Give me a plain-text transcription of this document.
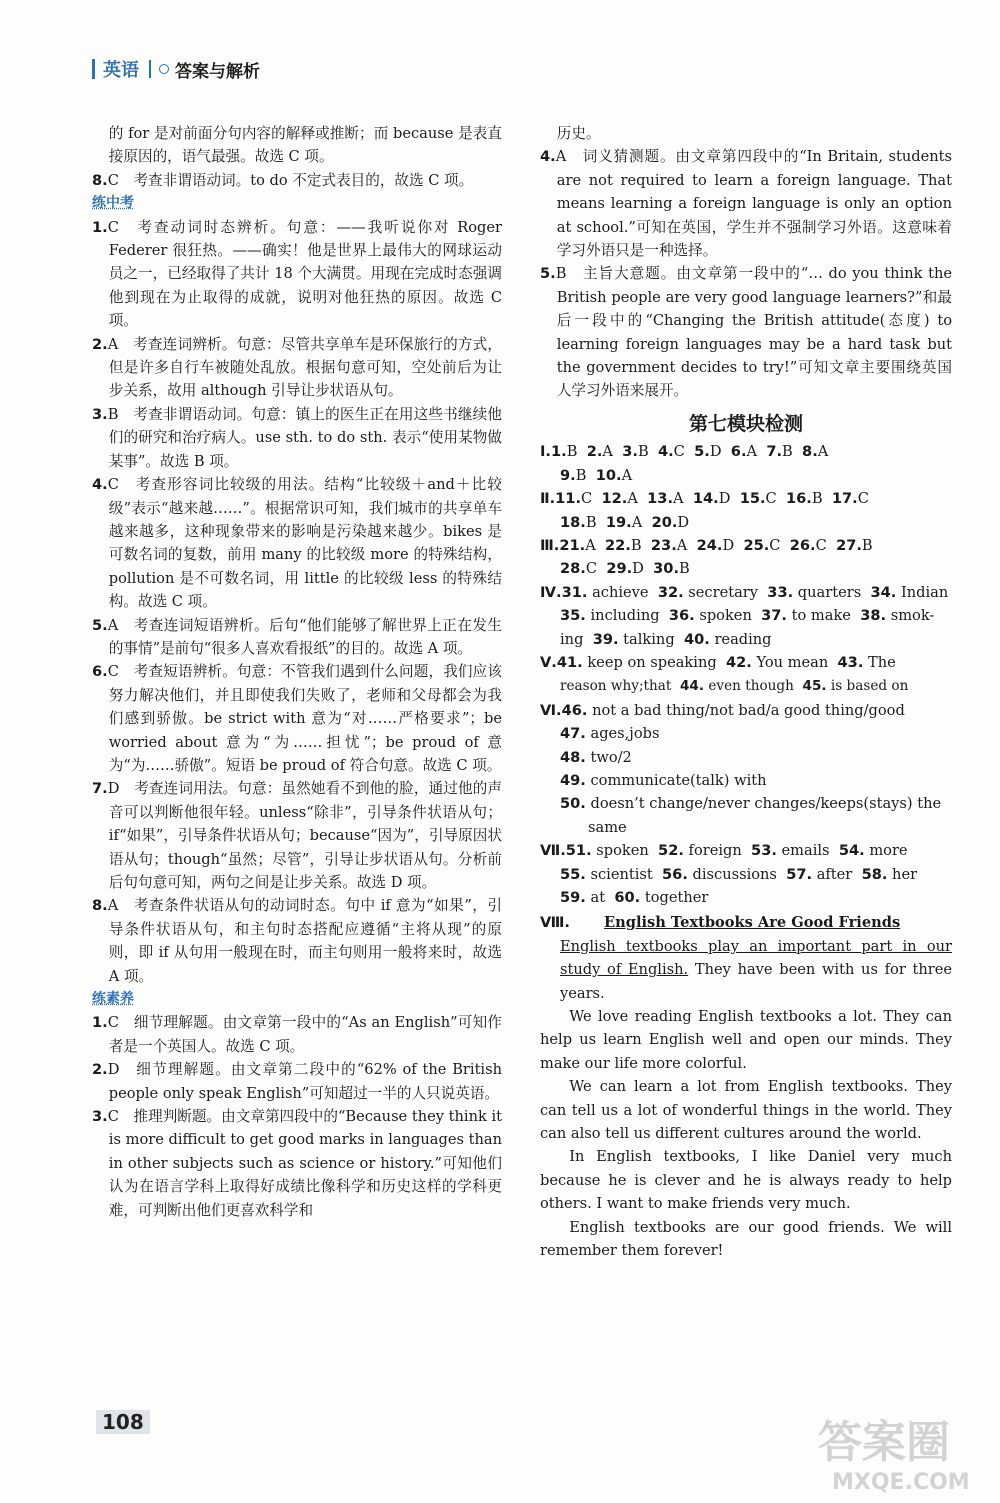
英语 答案与解析

的 for 是对前面分句内容的解释或推断；而 because 是表直接原因的，语气最强。故选 C 项。

8.C　考查非谓语动词。to do 不定式表目的，故选 C 项。

练中考

1.C　考查动词时态辨析。句意：——我听说你对 Roger Federer 很狂热。——确实！他是世界上最伟大的网球运动员之一，已经取得了共计 18 个大满贯。用现在完成时态强调他到现在为止取得的成就，说明对他狂热的原因。故选 C 项。

2.A　考查连词辨析。句意：尽管共享单车是环保旅行的方式，但是许多自行车被随处乱放。根据句意可知，空处前后为让步关系，故用 although 引导让步状语从句。

3.B　考查非谓语动词。句意：镇上的医生正在用这些书继续他们的研究和治疗病人。use sth. to do sth. 表示“使用某物做某事”。故选 B 项。

4.C　考查形容词比较级的用法。结构“比较级＋and＋比较级”表示“越来越……”。根据常识可知，我们城市的共享单车越来越多，这种现象带来的影响是污染越来越少。bikes 是可数名词的复数，前用 many 的比较级 more 的特殊结构，pollution 是不可数名词，用 little 的比较级 less 的特殊结构。故选 C 项。

5.A　考查连词短语辨析。后句“他们能够了解世界上正在发生的事情”是前句“很多人喜欢看报纸”的目的。故选 A 项。

6.C　考查短语辨析。句意：不管我们遇到什么问题，我们应该努力解决他们，并且即使我们失败了，老师和父母都会为我们感到骄傲。be strict with 意为“对……严格要求”；be worried about 意为“为……担忧”；be proud of 意为“为……骄傲”。短语 be proud of 符合句意。故选 C 项。

7.D　考查连词用法。句意：虽然她看不到他的脸，通过他的声音可以判断他很年轻。unless“除非”，引导条件状语从句；if“如果”，引导条件状语从句；because“因为”，引导原因状语从句；though“虽然；尽管”，引导让步状语从句。分析前后句句意可知，两句之间是让步关系。故选 D 项。

8.A　考查条件状语从句的动词时态。句中 if 意为“如果”，引导条件状语从句，和主句时态搭配应遵循“主将从现”的原则，即 if 从句用一般现在时，而主句则用一般将来时，故选 A 项。

练素养

1.C　细节理解题。由文章第一段中的“As an English”可知作者是一个英国人。故选 C 项。

2.D　细节理解题。由文章第二段中的“62% of the British people only speak English”可知超过一半的人只说英语。

3.C　推理判断题。由文章第四段中的“Because they think it is more difficult to get good marks in languages than in other subjects such as science or history.”可知他们认为在语言学科上取得好成绩比像科学和历史这样的学科更难，可判断出他们更喜欢科学和

历史。

4.A　词义猜测题。由文章第四段中的“In Britain, students are not required to learn a foreign language. That means learning a foreign language is only an option at school.”可知在英国，学生并不强制学习外语。这意味着学习外语只是一种选择。

5.B　主旨大意题。由文章第一段中的“… do you think the British people are very good language learners?”和最后一段中的“Changing the British attitude(态度) to learning foreign languages may be a hard task but the government decides to try!”可知文章主要围绕英国人学习外语来展开。

第七模块检测

Ⅰ.1.B  2.A  3.B  4.C  5.D  6.A  7.B  8.A

9.B  10.A

Ⅱ.11.C  12.A  13.A  14.D  15.C  16.B  17.C

18.B  19.A  20.D

Ⅲ.21.A  22.B  23.A  24.D  25.C  26.C  27.B

28.C  29.D  30.B

Ⅳ.31. achieve  32. secretary  33. quarters  34. Indian

35. including  36. spoken  37. to make  38. smok-

ing  39. talking  40. reading

Ⅴ.41. keep on speaking  42. You mean  43. The

reason why;that  44. even though  45. is based on

Ⅵ.46. not a bad thing/not bad/a good thing/good

47. ages,jobs

48. two/2

49. communicate(talk) with

50. doesn’t change/never changes/keeps(stays) the

same

Ⅶ.51. spoken  52. foreign  53. emails  54. more

55. scientist  56. discussions  57. after  58. her

59. at  60. together

Ⅷ. English Textbooks Are Good Friends

English textbooks play an important part in our study of English. They have been with us for three years.

We love reading English textbooks a lot. They can help us learn English well and open our minds. They make our life more colorful.

We can learn a lot from English textbooks. They can tell us a lot of wonderful things in the world. They can also tell us different cultures around the world.

In English textbooks, I like Daniel very much because he is clever and he is always ready to help others. I want to make friends very much.

English textbooks are our good friends. We will remember them forever!

108	答案圈
MXQE.COM
